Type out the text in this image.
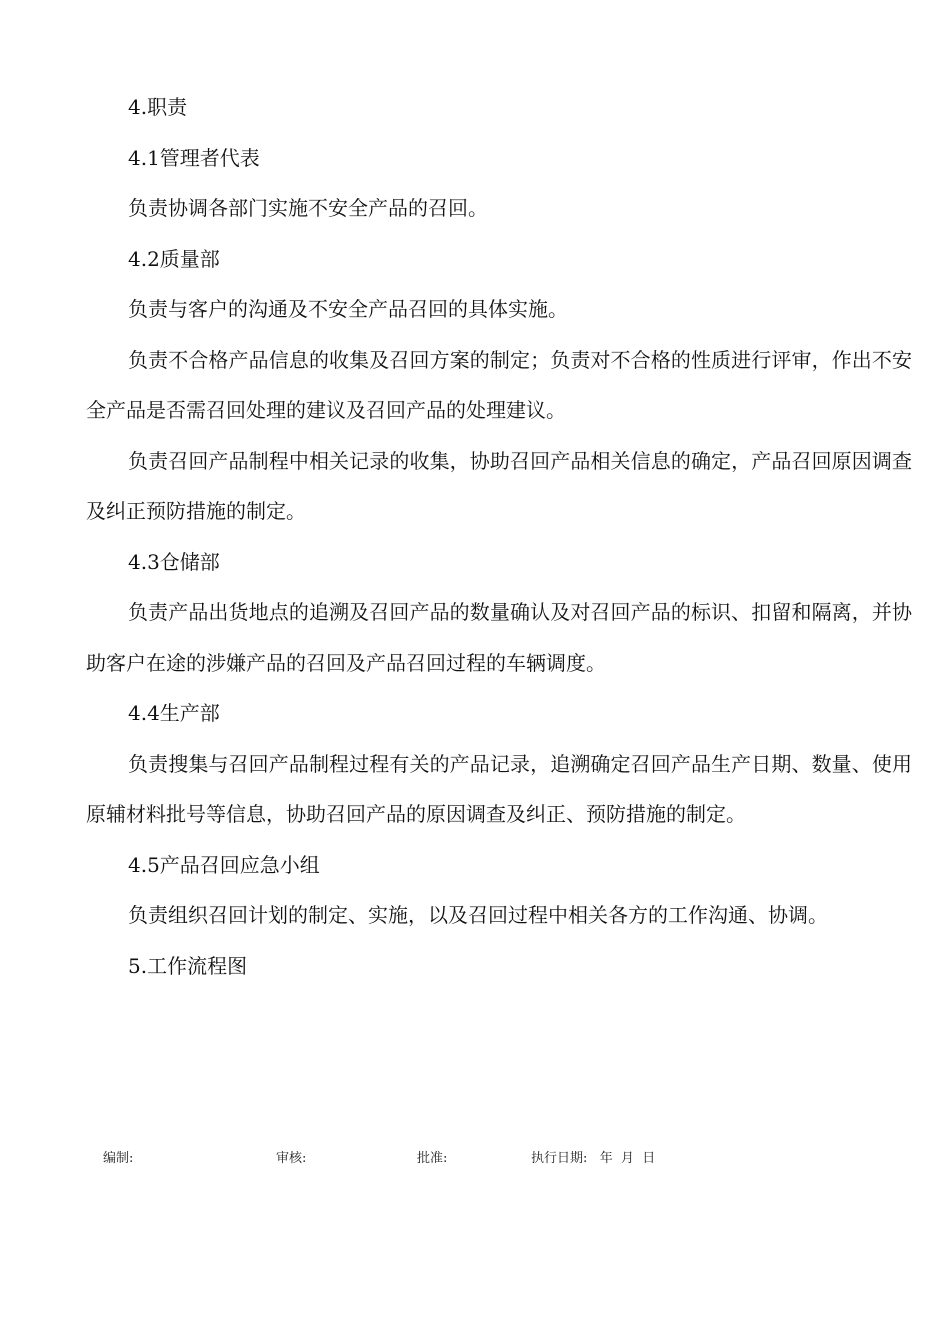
4.职责
4.1管理者代表
负责协调各部门实施不安全产品的召回。
4.2质量部
负责与客户的沟通及不安全产品召回的具体实施。
负责不合格产品信息的收集及召回方案的制定；负责对不合格的性质进行评审，作出不安全产品是否需召回处理的建议及召回产品的处理建议。
负责召回产品制程中相关记录的收集，协助召回产品相关信息的确定，产品召回原因调查及纠正预防措施的制定。
4.3仓储部
负责产品出货地点的追溯及召回产品的数量确认及对召回产品的标识、扣留和隔离，并协助客户在途的涉嫌产品的召回及产品召回过程的车辆调度。
4.4生产部
负责搜集与召回产品制程过程有关的产品记录，追溯确定召回产品生产日期、数量、使用原辅材料批号等信息，协助召回产品的原因调查及纠正、预防措施的制定。
4.5产品召回应急小组
负责组织召回计划的制定、实施，以及召回过程中相关各方的工作沟通、协调。
5.工作流程图
编制:	审核:	批准:	执行日期:   年  月  日
